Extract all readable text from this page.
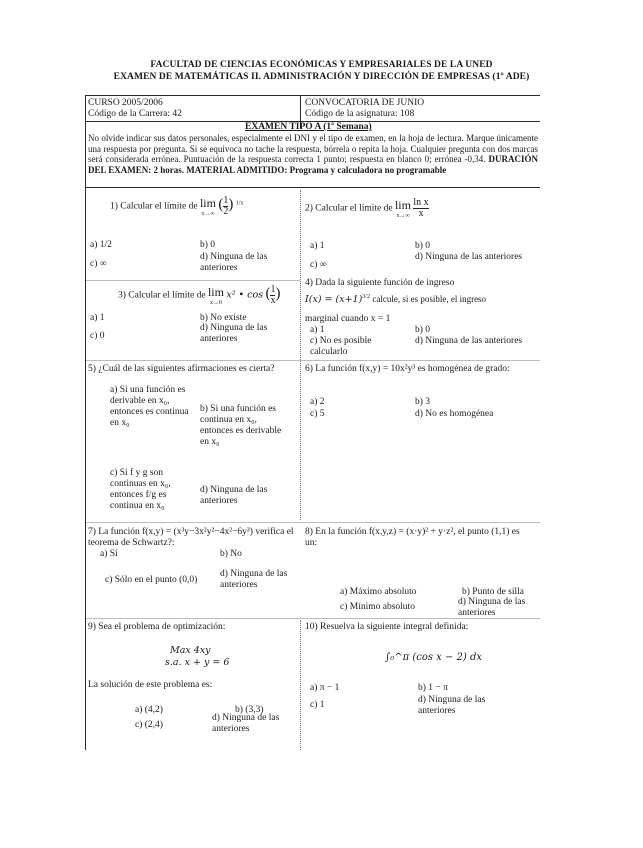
FACULTAD DE CIENCIAS ECONÓMICAS Y EMPRESARIALES DE LA UNED
EXAMEN DE MATEMÁTICAS II. ADMINISTRACIÓN Y DIRECCIÓN DE EMPRESAS (1º ADE)
CURSO 2005/2006
Código de la Carrera: 42
CONVOCATORIA DE JUNIO
Código de la asignatura: 108
EXAMEN TIPO A (1ª Semana)
No olvide indicar sus datos personales, especialmente el DNI y el tipo de examen, en la hoja de lectura. Marque únicamente una respuesta por pregunta. Si se equivoca no tache la respuesta, bórrela o repita la hoja. Cualquier pregunta con dos marcas será considerada errónea. Puntuación de la respuesta correcta 1 punto; respuesta en blanco 0; errónea -0,34. DURACIÓN DEL EXAMEN: 2 horas. MATERIAL ADMITIDO: Programa y calculadora no programable
1) Calcular el límite de lim
x→∞
( $\frac{1}{2}$ ) $^{1/x}$
a) 1/2	b) 0
c) ∞
d) Ninguna de las anteriores
2) Calcular el límite de lim
x→∞
$\frac{\text{ln x}}{x}$
a) 1	b) 0
c) ∞
d) Ninguna de las anteriores
3) Calcular el límite de lim
x→0
x² • cos ( $\frac{1}{x}$ )
a) 1	b) No existe
c) 0
d) Ninguna de las anteriores
4) Dada la siguiente función de ingreso
$I(x) = (x+1)^{3/2}$ calcule, si es posible, el ingreso
marginal cuando x = 1
a) 1	b) 0
c) No es posible calcularlo
d) Ninguna de las anteriores
5) ¿Cuál de las siguientes afirmaciones es cierta?
a) Si una función es derivable en x₀, entonces es continua en x₀
b) Si una función es continua en x₀, entonces es derivable en x₀
c) Si f y g son continuas en x₀, entonces f/g es continua en x₀
d) Ninguna de las anteriores
6) La función f(x,y) = 10x²y³ es homogénea de grado:
a) 2	b) 3
c) 5	d) No es homogénea
7) La función f(x,y) = (x³y−3x²y²−4x²−6y³) verifica el teorema de Schwartz?:
a) Sí	b) No
c) Sólo en el punto (0,0)
d) Ninguna de las anteriores
8) En la función f(x,y,z) = (x·y)² + y·z², el punto (1,1) es un:
a) Máximo absoluto	b) Punto de silla
c) Mínimo absoluto	d) Ninguna de las anteriores
9) Sea el problema de optimización:
Max 4xy
s.a. x + y = 6
La solución de este problema es:
a) (4,2)	b) (3,3)
c) (2,4)
d) Ninguna de las anteriores
10) Resuelva la siguiente integral definida:
∫₀^π (cos x − 2) dx
a) π − 1	b) 1 − π
c) 1	d) Ninguna de las anteriores
